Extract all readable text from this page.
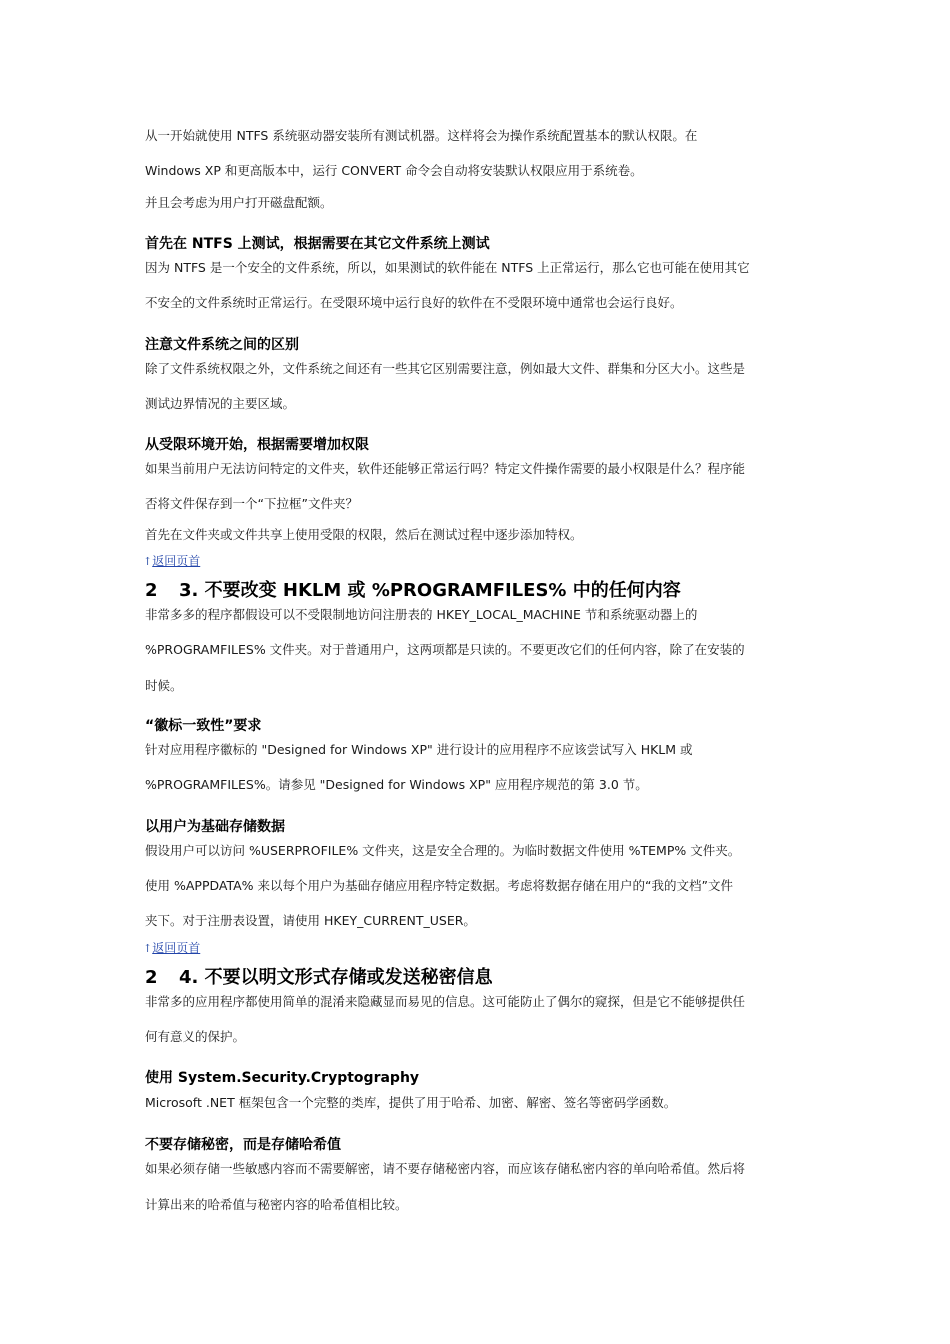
从一开始就使用 NTFS 系统驱动器安装所有测试机器。这样将会为操作系统配置基本的默认权限。在
Windows XP 和更高版本中，运行 CONVERT 命令会自动将安装默认权限应用于系统卷。
并且会考虑为用户打开磁盘配额。
首先在 NTFS 上测试，根据需要在其它文件系统上测试
因为 NTFS 是一个安全的文件系统，所以，如果测试的软件能在 NTFS 上正常运行，那么它也可能在使用其它
不安全的文件系统时正常运行。在受限环境中运行良好的软件在不受限环境中通常也会运行良好。
注意文件系统之间的区别
除了文件系统权限之外，文件系统之间还有一些其它区别需要注意，例如最大文件、群集和分区大小。这些是
测试边界情况的主要区域。
从受限环境开始，根据需要增加权限
如果当前用户无法访问特定的文件夹，软件还能够正常运行吗？特定文件操作需要的最小权限是什么？程序能
否将文件保存到一个“下拉框”文件夹？
首先在文件夹或文件共享上使用受限的权限，然后在测试过程中逐步添加特权。
↑返回页首
2 3. 不要改变 HKLM 或 %PROGRAMFILES% 中的任何内容
非常多多的程序都假设可以不受限制地访问注册表的 HKEY_LOCAL_MACHINE 节和系统驱动器上的
%PROGRAMFILES% 文件夹。对于普通用户，这两项都是只读的。不要更改它们的任何内容，除了在安装的
时候。
“徽标一致性”要求
针对应用程序徽标的 "Designed for Windows XP" 进行设计的应用程序不应该尝试写入 HKLM 或
%PROGRAMFILES%。请参见 "Designed for Windows XP" 应用程序规范的第 3.0 节。
以用户为基础存储数据
假设用户可以访问 %USERPROFILE% 文件夹，这是安全合理的。为临时数据文件使用 %TEMP% 文件夹。
使用 %APPDATA% 来以每个用户为基础存储应用程序特定数据。考虑将数据存储在用户的“我的文档”文件
夹下。对于注册表设置，请使用 HKEY_CURRENT_USER。
↑返回页首
2 4. 不要以明文形式存储或发送秘密信息
非常多的应用程序都使用简单的混淆来隐藏显而易见的信息。这可能防止了偶尔的窥探，但是它不能够提供任
何有意义的保护。
使用 System.Security.Cryptography
Microsoft .NET 框架包含一个完整的类库，提供了用于哈希、加密、解密、签名等密码学函数。
不要存储秘密，而是存储哈希值
如果必须存储一些敏感内容而不需要解密，请不要存储秘密内容，而应该存储私密内容的单向哈希值。然后将
计算出来的哈希值与秘密内容的哈希值相比较。
